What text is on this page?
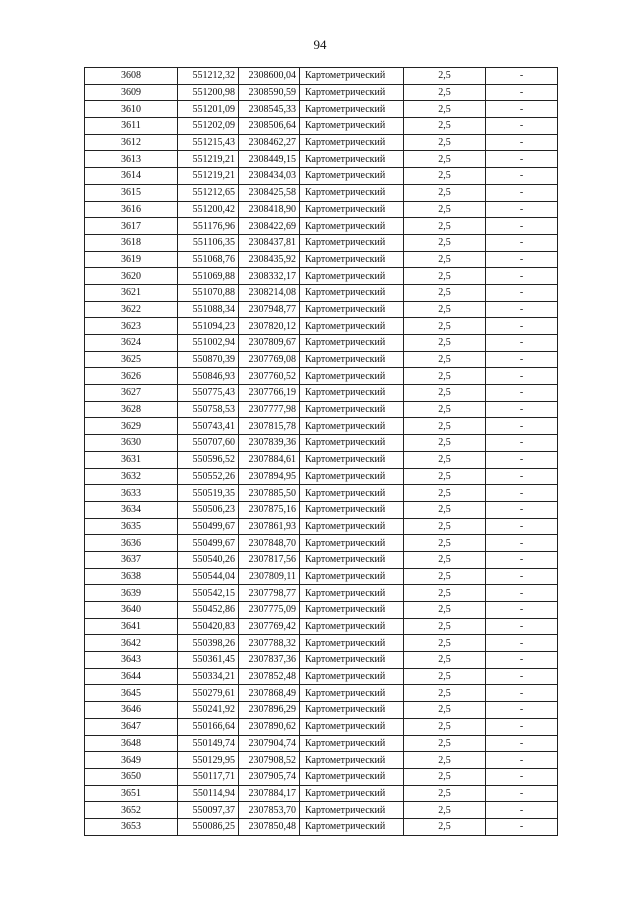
94
3608	551212,32	2308600,04	Картометрический	2,5	-
3609	551200,98	2308590,59	Картометрический	2,5	-
3610	551201,09	2308545,33	Картометрический	2,5	-
3611	551202,09	2308506,64	Картометрический	2,5	-
3612	551215,43	2308462,27	Картометрический	2,5	-
3613	551219,21	2308449,15	Картометрический	2,5	-
3614	551219,21	2308434,03	Картометрический	2,5	-
3615	551212,65	2308425,58	Картометрический	2,5	-
3616	551200,42	2308418,90	Картометрический	2,5	-
3617	551176,96	2308422,69	Картометрический	2,5	-
3618	551106,35	2308437,81	Картометрический	2,5	-
3619	551068,76	2308435,92	Картометрический	2,5	-
3620	551069,88	2308332,17	Картометрический	2,5	-
3621	551070,88	2308214,08	Картометрический	2,5	-
3622	551088,34	2307948,77	Картометрический	2,5	-
3623	551094,23	2307820,12	Картометрический	2,5	-
3624	551002,94	2307809,67	Картометрический	2,5	-
3625	550870,39	2307769,08	Картометрический	2,5	-
3626	550846,93	2307760,52	Картометрический	2,5	-
3627	550775,43	2307766,19	Картометрический	2,5	-
3628	550758,53	2307777,98	Картометрический	2,5	-
3629	550743,41	2307815,78	Картометрический	2,5	-
3630	550707,60	2307839,36	Картометрический	2,5	-
3631	550596,52	2307884,61	Картометрический	2,5	-
3632	550552,26	2307894,95	Картометрический	2,5	-
3633	550519,35	2307885,50	Картометрический	2,5	-
3634	550506,23	2307875,16	Картометрический	2,5	-
3635	550499,67	2307861,93	Картометрический	2,5	-
3636	550499,67	2307848,70	Картометрический	2,5	-
3637	550540,26	2307817,56	Картометрический	2,5	-
3638	550544,04	2307809,11	Картометрический	2,5	-
3639	550542,15	2307798,77	Картометрический	2,5	-
3640	550452,86	2307775,09	Картометрический	2,5	-
3641	550420,83	2307769,42	Картометрический	2,5	-
3642	550398,26	2307788,32	Картометрический	2,5	-
3643	550361,45	2307837,36	Картометрический	2,5	-
3644	550334,21	2307852,48	Картометрический	2,5	-
3645	550279,61	2307868,49	Картометрический	2,5	-
3646	550241,92	2307896,29	Картометрический	2,5	-
3647	550166,64	2307890,62	Картометрический	2,5	-
3648	550149,74	2307904,74	Картометрический	2,5	-
3649	550129,95	2307908,52	Картометрический	2,5	-
3650	550117,71	2307905,74	Картометрический	2,5	-
3651	550114,94	2307884,17	Картометрический	2,5	-
3652	550097,37	2307853,70	Картометрический	2,5	-
3653	550086,25	2307850,48	Картометрический	2,5	-
